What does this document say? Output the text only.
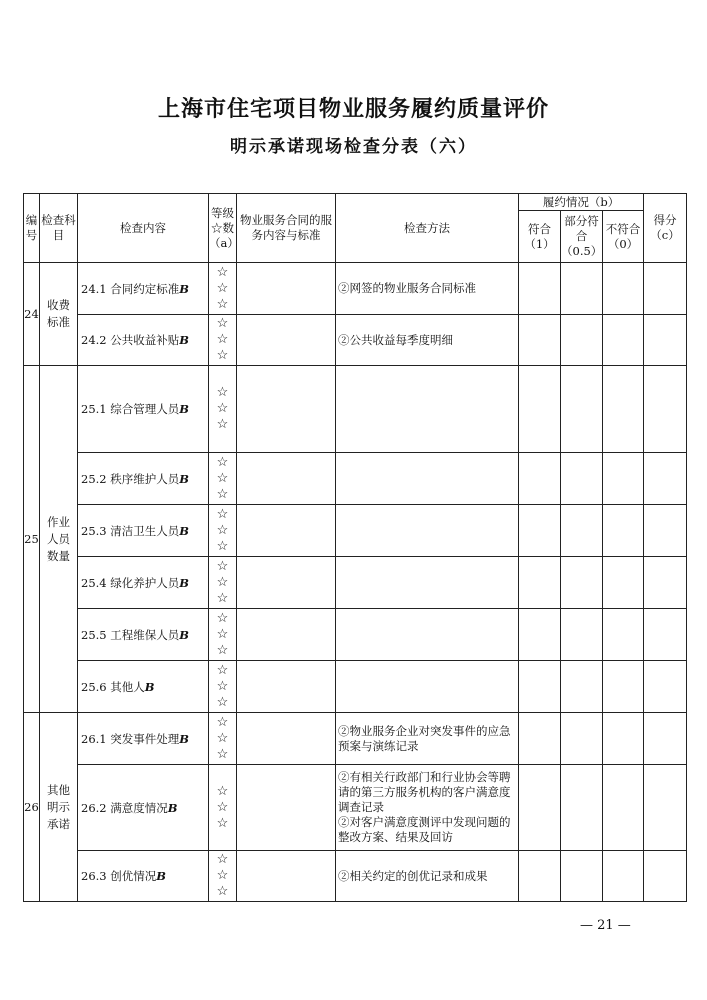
上海市住宅项目物业服务履约质量评价
明示承诺现场检查分表（六）
编号	检查科目	检查内容	等级☆数（a）	物业服务合同的服务内容与标准	检查方法	履约情况（b）			得分（c）
						符合（1）	部分符合（0.5）	不符合（0）	
24	收费标准	24.1 合同约定标准B	☆☆☆		②网签的物业服务合同标准				
		24.2 公共收益补贴B	☆☆☆		②公共收益每季度明细				
25	作业人员数量	25.1 综合管理人员B	☆☆☆						

		25.2 秩序维护人员B	☆☆☆						

		25.3 清洁卫生人员B	☆☆☆						

		25.4 绿化养护人员B	☆☆☆						

		25.5 工程维保人员B	☆☆☆						

		25.6 其他人B	☆☆☆						

26	其他明示承诺	26.1 突发事件处理B	☆☆☆		②物业服务企业对突发事件的应急预案与演练记录				
		26.2 满意度情况B	☆☆☆		②有相关行政部门和行业协会等聘请的第三方服务机构的客户满意度调查记录
②对客户满意度测评中发现问题的整改方案、结果及回访				
		26.3 创优情况B	☆☆☆		②相关约定的创优记录和成果				
— 21 —
